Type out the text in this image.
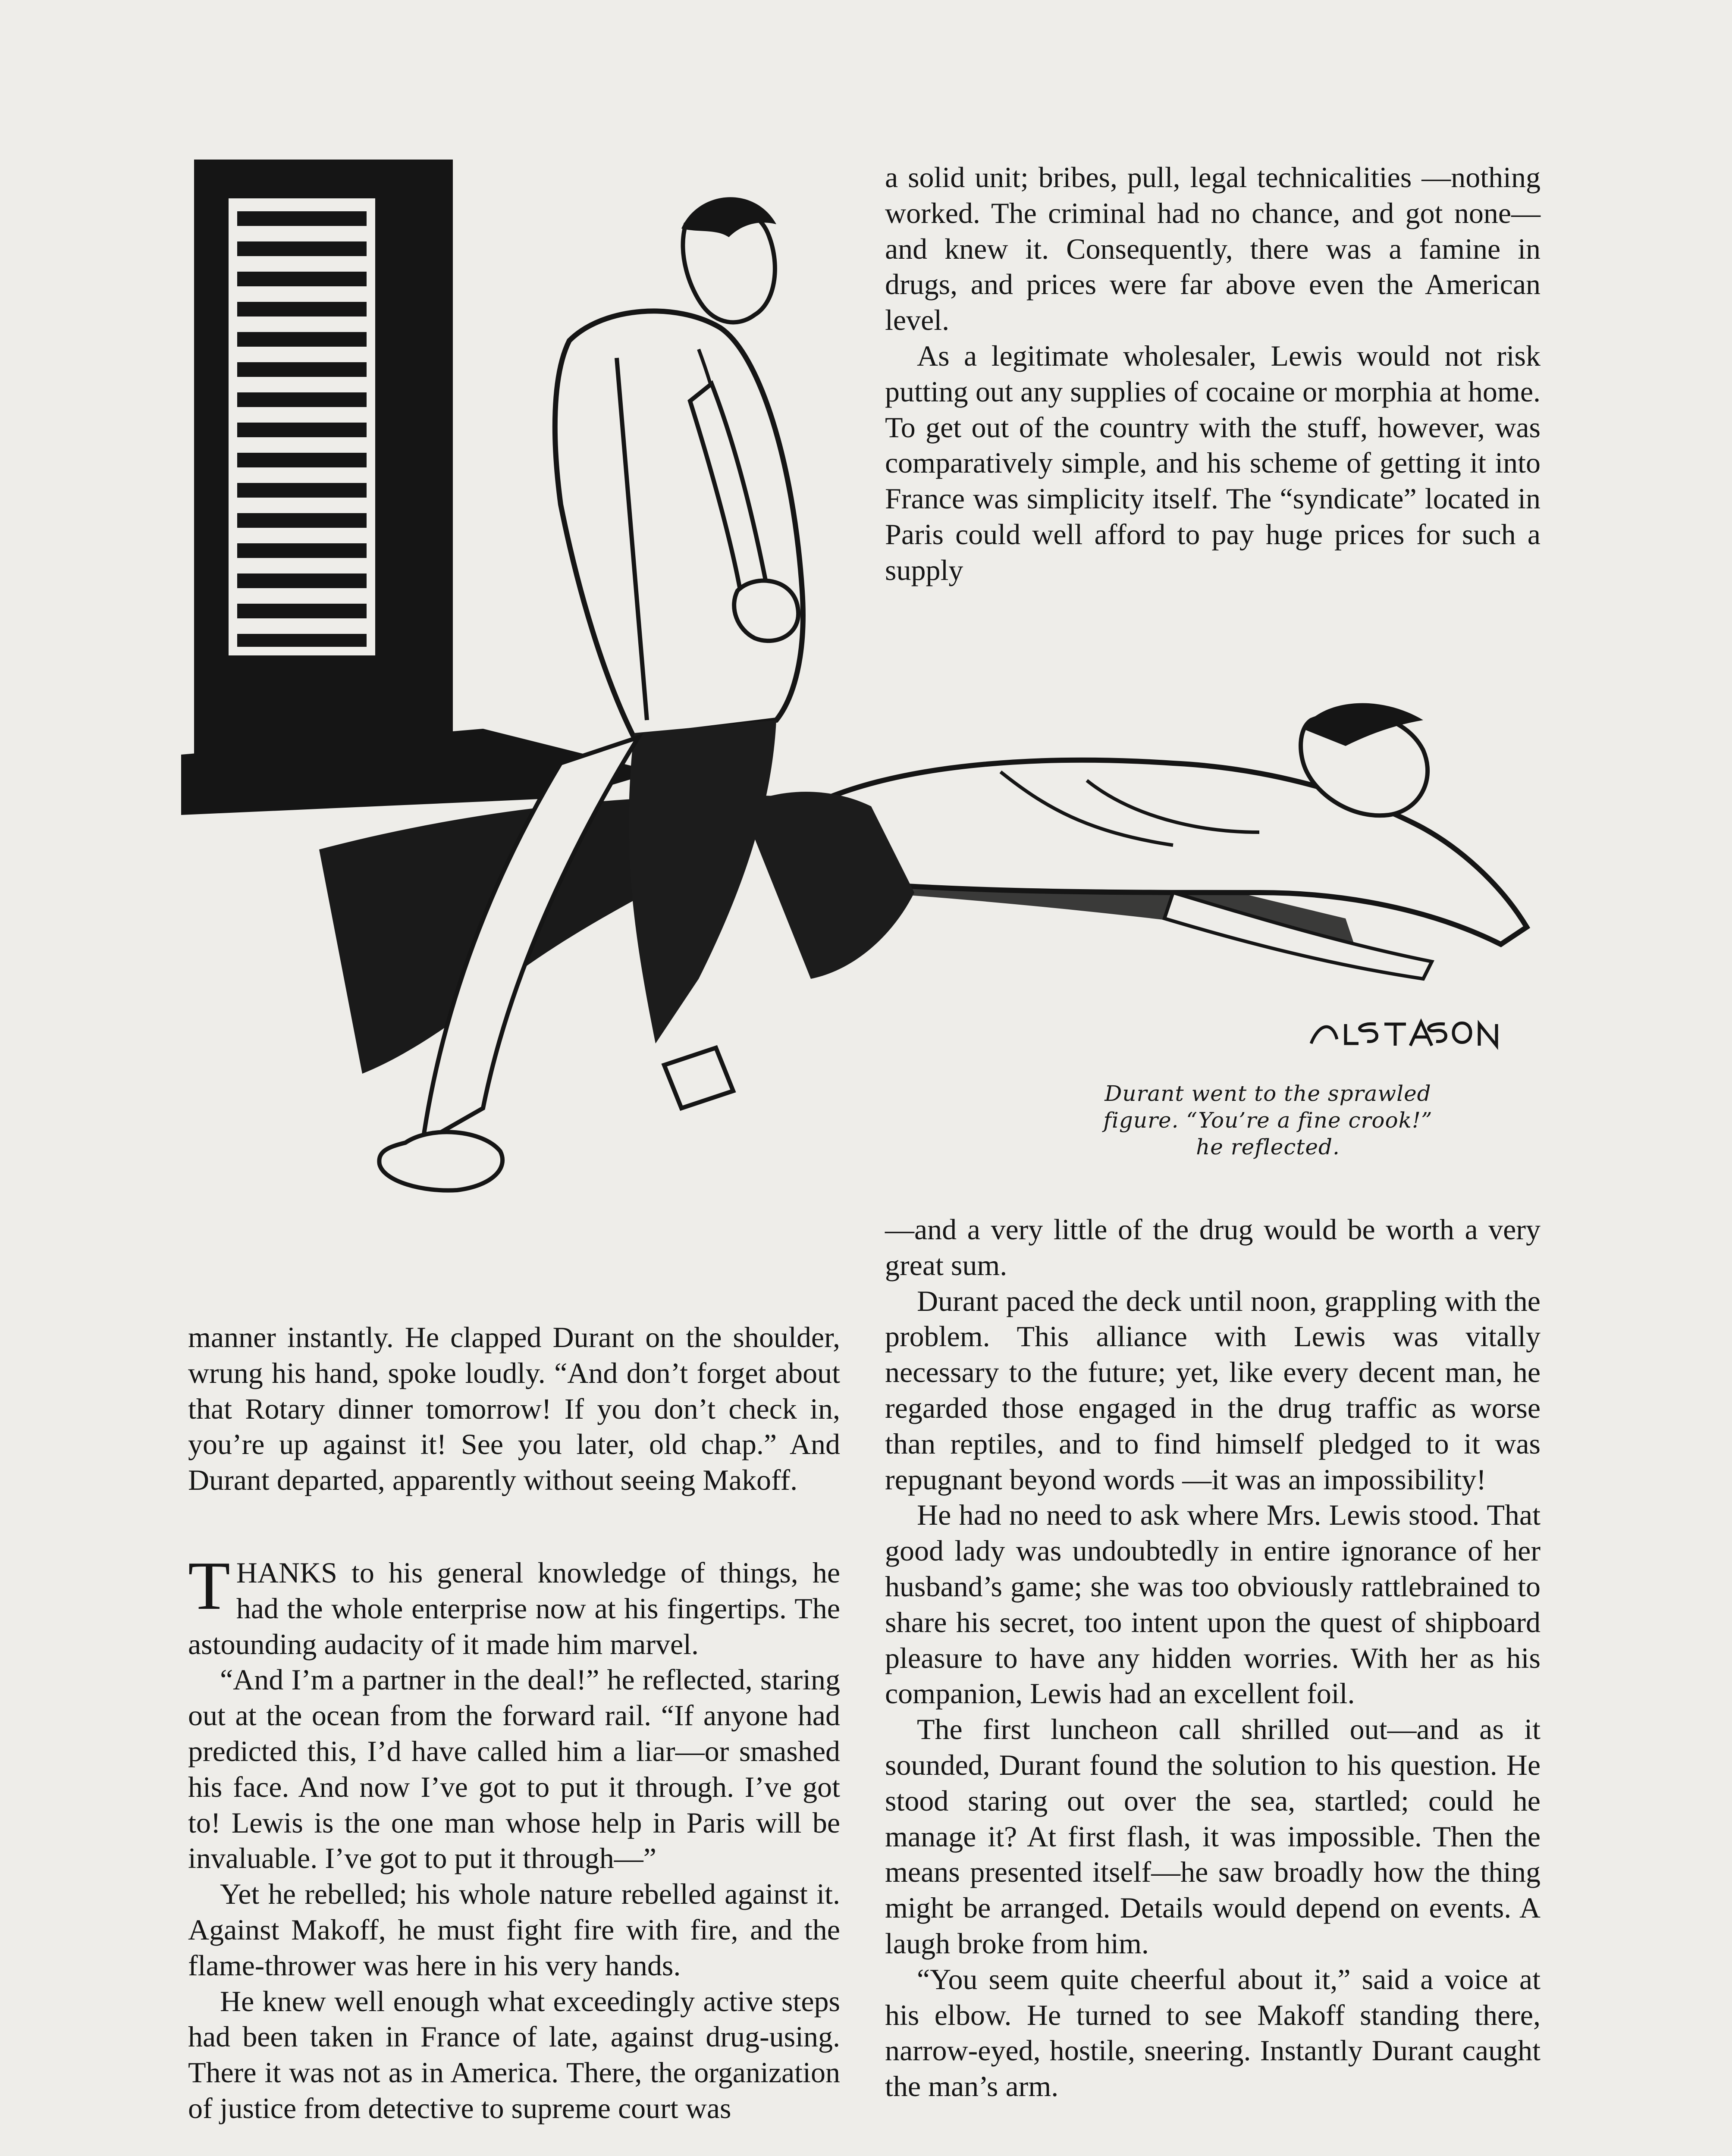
Durant went to the sprawled
figure. “You’re a fine crook!”
he reflected.

a solid unit; bribes, pull, legal technicalities —nothing worked. The criminal had no chance, and got none—and knew it. Consequently, there was a famine in drugs, and prices were far above even the American level.

As a legitimate wholesaler, Lewis would not risk putting out any supplies of cocaine or morphia at home. To get out of the country with the stuff, however, was comparatively simple, and his scheme of getting it into France was simplicity itself. The “syndicate” located in Paris could well afford to pay huge prices for such a supply

—and a very little of the drug would be worth a very great sum.

Durant paced the deck until noon, grappling with the problem. This alliance with Lewis was vitally necessary to the future; yet, like every decent man, he regarded those engaged in the drug traffic as worse than reptiles, and to find himself pledged to it was repugnant beyond words —it was an impossibility!

He had no need to ask where Mrs. Lewis stood. That good lady was undoubtedly in entire ignorance of her husband’s game; she was too obviously rattlebrained to share his secret, too intent upon the quest of shipboard pleasure to have any hidden worries. With her as his companion, Lewis had an excellent foil.

The first luncheon call shrilled out—and as it sounded, Durant found the solution to his question. He stood staring out over the sea, startled; could he manage it? At first flash, it was impossible. Then the means presented itself—he saw broadly how the thing might be arranged. Details would depend on events. A laugh broke from him.

“You seem quite cheerful about it,” said a voice at his elbow. He turned to see Makoff standing there, narrow-eyed, hostile, sneering. Instantly Durant caught the man’s arm.

manner instantly. He clapped Durant on the shoulder, wrung his hand, spoke loudly. “And don’t forget about that Rotary dinner tomorrow! If you don’t check in, you’re up against it! See you later, old chap.” And Durant departed, apparently without seeing Makoff.

THANKS to his general knowledge of things, he had the whole enterprise now at his fingertips. The astounding audacity of it made him marvel.

“And I’m a partner in the deal!” he reflected, staring out at the ocean from the forward rail. “If anyone had predicted this, I’d have called him a liar—or smashed his face. And now I’ve got to put it through. I’ve got to! Lewis is the one man whose help in Paris will be invaluable. I’ve got to put it through—”

Yet he rebelled; his whole nature rebelled against it. Against Makoff, he must fight fire with fire, and the flame-thrower was here in his very hands.

He knew well enough what exceedingly active steps had been taken in France of late, against drug-using. There it was not as in America. There, the organization of justice from detective to supreme court was
